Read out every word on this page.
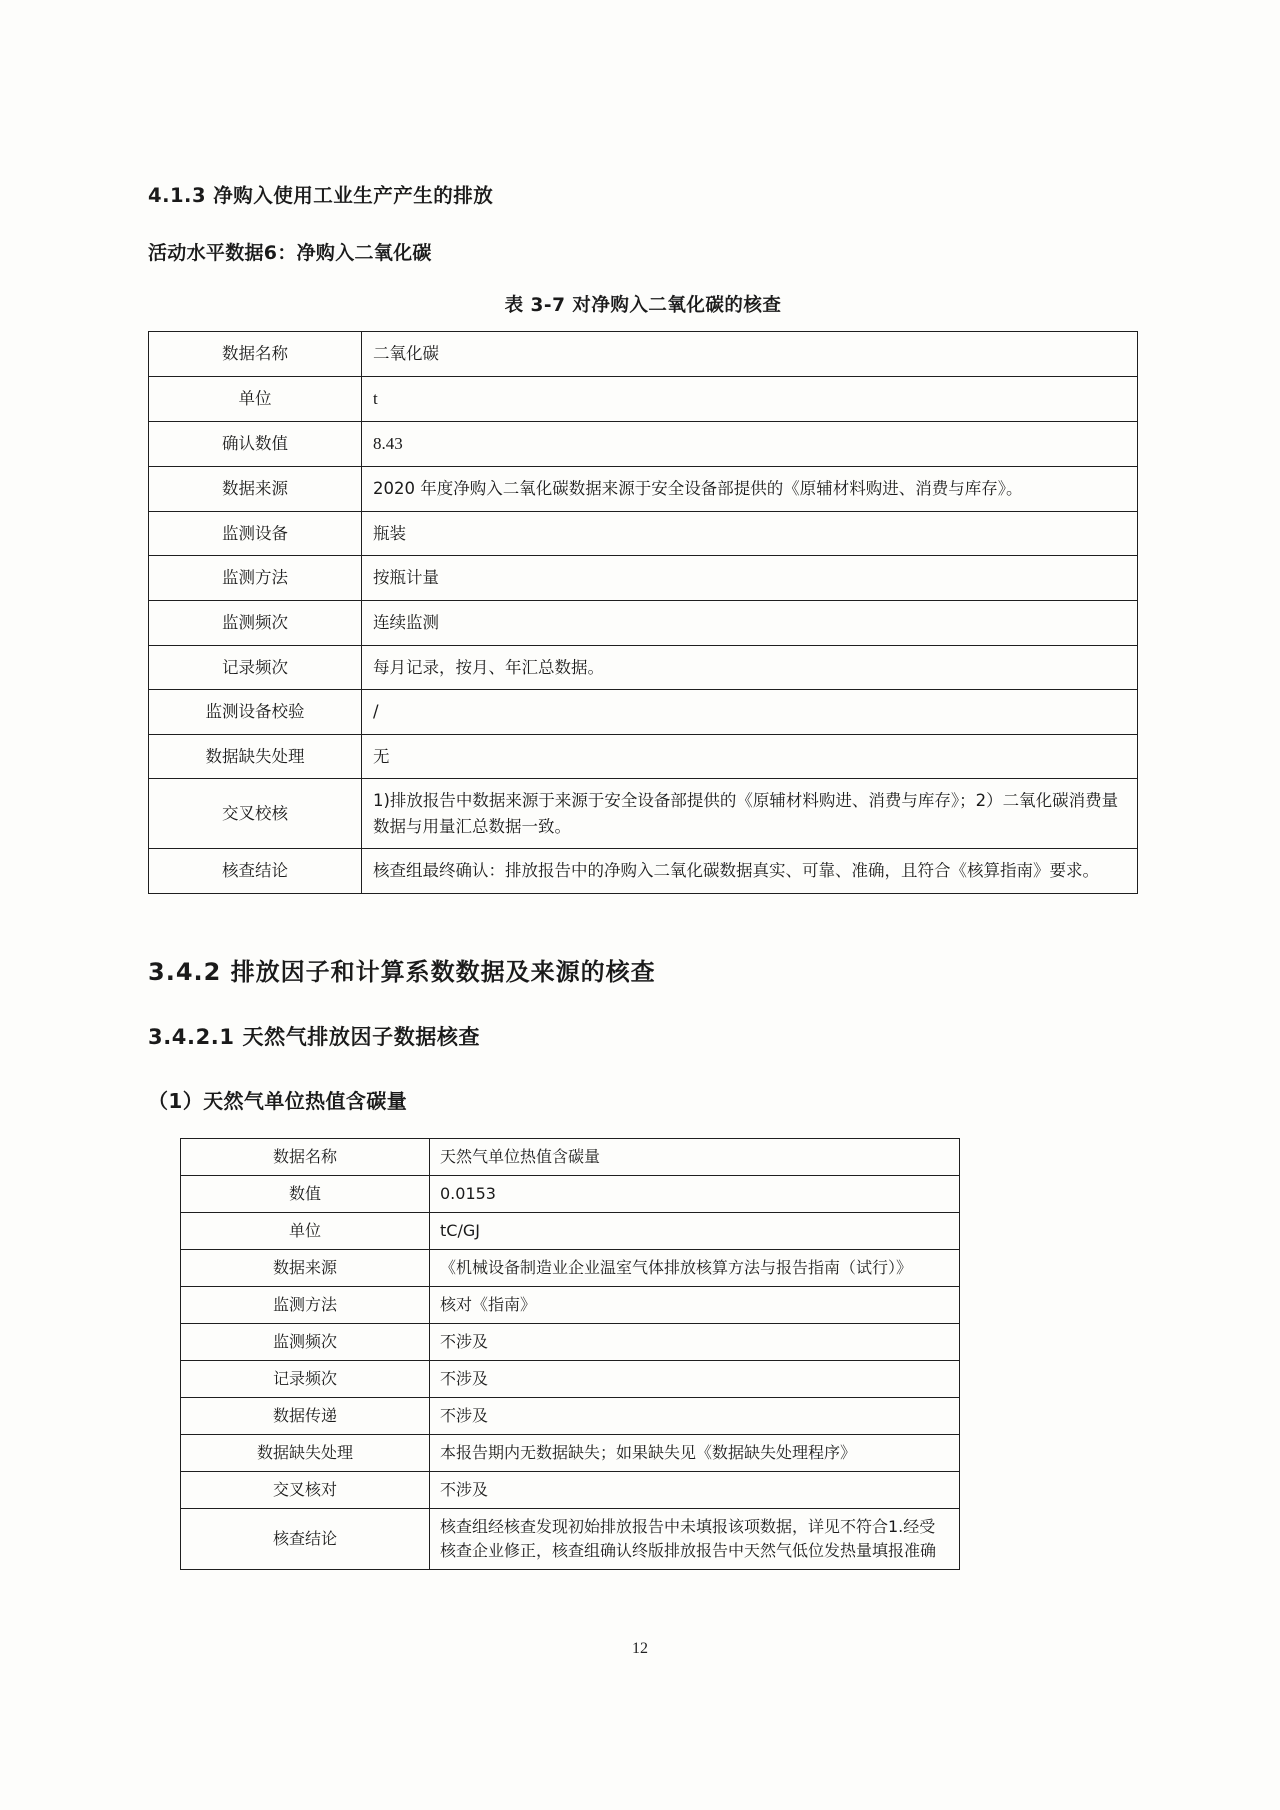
4.1.3 净购入使用工业生产产生的排放
活动水平数据6：净购入二氧化碳
表 3-7 对净购入二氧化碳的核查
数据名称	二氧化碳
单位	t
确认数值	8.43
数据来源	2020 年度净购入二氧化碳数据来源于安全设备部提供的《原辅材料购进、消费与库存》。
监测设备	瓶装
监测方法	按瓶计量
监测频次	连续监测
记录频次	每月记录，按月、年汇总数据。
监测设备校验	/
数据缺失处理	无
交叉校核	1)排放报告中数据来源于来源于安全设备部提供的《原辅材料购进、消费与库存》；2）二氧化碳消费量数据与用量汇总数据一致。
核查结论	核查组最终确认：排放报告中的净购入二氧化碳数据真实、可靠、准确，且符合《核算指南》要求。
3.4.2 排放因子和计算系数数据及来源的核查
3.4.2.1 天然气排放因子数据核查
（1）天然气单位热值含碳量
数据名称	天然气单位热值含碳量
数值	0.0153
单位	tC/GJ
数据来源	《机械设备制造业企业温室气体排放核算方法与报告指南（试行）》
监测方法	核对《指南》
监测频次	不涉及
记录频次	不涉及
数据传递	不涉及
数据缺失处理	本报告期内无数据缺失；如果缺失见《数据缺失处理程序》
交叉核对	不涉及
核查结论	核查组经核查发现初始排放报告中未填报该项数据，详见不符合1.经受核查企业修正，核查组确认终版排放报告中天然气低位发热量填报准确
12
